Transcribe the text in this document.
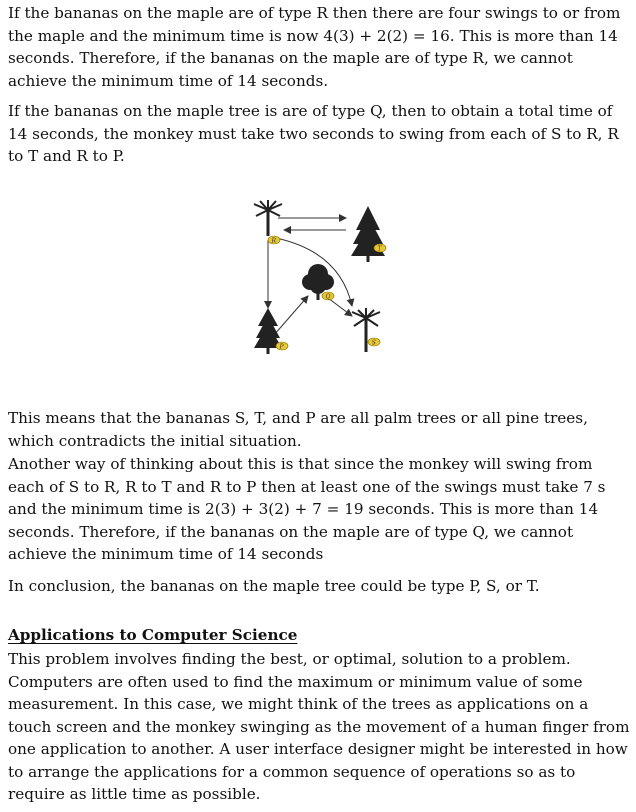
If the bananas on the maple are of type R then there are four swings to or from the maple and the minimum time is now 4(3) + 2(2) = 16. This is more than 14 seconds. Therefore, if the bananas on the maple are of type R, we cannot achieve the minimum time of 14 seconds.

If the bananas on the maple tree is are of type Q, then to obtain a total time of 14 seconds, the monkey must take two seconds to swing from each of S to R, R to T and R to P.

This means that the bananas S, T, and P are all palm trees or all pine trees, which contradicts the initial situation.

Another way of thinking about this is that since the monkey will swing from each of S to R, R to T and R to P then at least one of the swings must take 7 s and the minimum time is 2(3) + 3(2) + 7 = 19 seconds. This is more than 14 seconds. Therefore, if the bananas on the maple are of type Q, we cannot achieve the minimum time of 14 seconds

In conclusion, the bananas on the maple tree could be type P, S, or T.

Applications to Computer Science

This problem involves finding the best, or optimal, solution to a problem. Computers are often used to find the maximum or minimum value of some measurement. In this case, we might think of the trees as applications on a touch screen and the monkey swinging as the movement of a human finger from one application to another. A user interface designer might be interested in how to arrange the applications for a common sequence of operations so as to require as little time as possible.

R
T
Q
P
S
